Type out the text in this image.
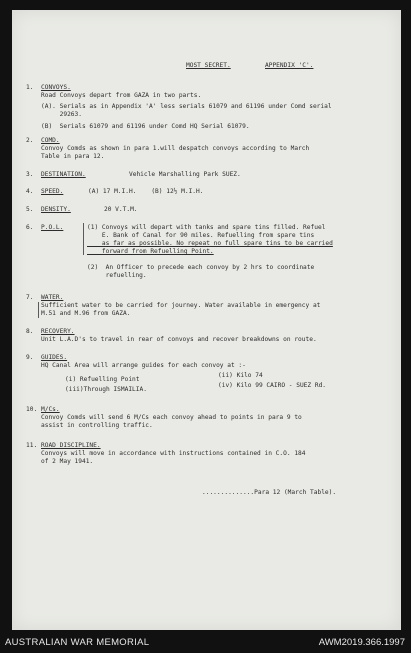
MOST SECRET.	APPENDIX 'C'.
1. CONVOYS.
Road Convoys depart from GAZA in two parts.
(A). Serials as in Appendix 'A' less serials 61079 and 61196 under Comd serial
29263.
(B)  Serials 61079 and 61196 under Comd HQ Serial 61079.
2. COMD.
Convoy Comds as shown in para 1.will despatch convoys according to March
Table in para 12.
3. DESTINATION.	Vehicle Marshalling Park SUEZ.
4. SPEED.	(A) 17 M.I.H.    (B) 12½ M.I.H.
5. DENSITY.	20 V.T.M.
6. P.O.L.	(1) Convoys will depart with tanks and spare tins filled. Refuel
E. Bank of Canal for 90 miles. Refuelling from spare tins
as far as possible. No repeat no full spare tins to be carried
forward from Refuelling Point.
(2)  An Officer to precede each convoy by 2 hrs to coordinate
refuelling.
7. WATER.
Sufficient water to be carried for journey. Water available in emergency at
M.51 and M.96 from GAZA.
8. RECOVERY.
Unit L.A.D's to travel in rear of convoys and recover breakdowns on route.
9. GUIDES.
HQ Canal Area will arrange guides for each convoy at :-
(i) Refuelling Point
(ii) Kilo 74
(iii)Through ISMAILIA.
(iv) Kilo 99 CAIRO - SUEZ Rd.
10. M/Cs.
Convoy Comds will send 6 M/Cs each convoy ahead to points in para 9 to
assist in controlling traffic.
11. ROAD DISCIPLINE.
Convoys will move in accordance with instructions contained in C.O. 184
of 2 May 1941.
..............Para 12 (March Table).
AUSTRALIAN WAR MEMORIAL	AWM2019.366.1997
